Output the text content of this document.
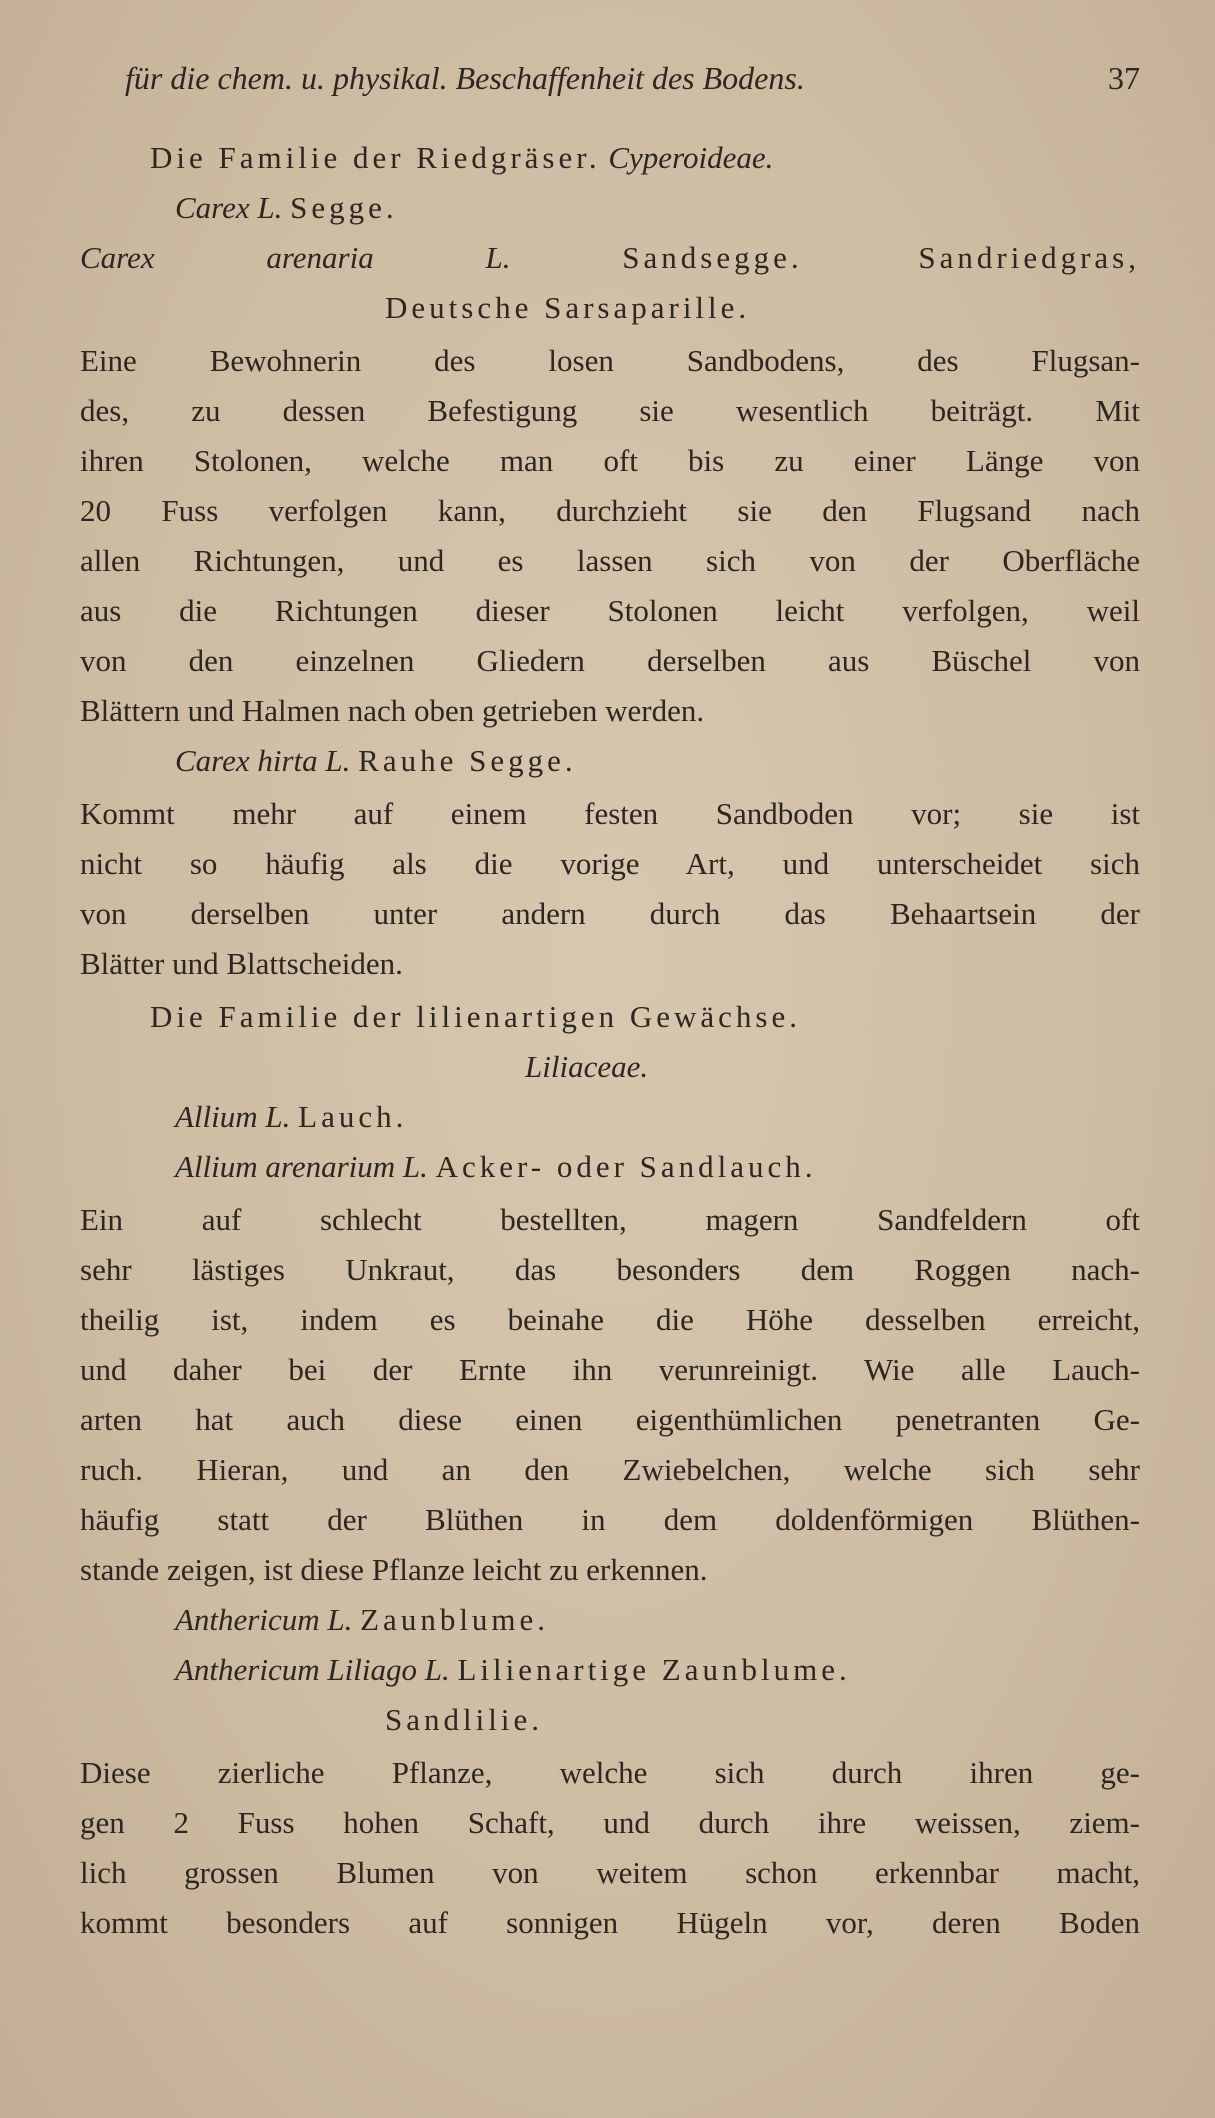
für die chem. u. physikal. Beschaffenheit des Bodens.	37
Die Familie der Riedgräser. Cyperoideae.
Carex L. Segge.
Carex arenaria L.	Sandsegge. Sandriedgras,
Deutsche Sarsaparille.
Eine Bewohnerin des losen Sandbodens, des Flugsan-
des, zu dessen Befestigung sie wesentlich beiträgt. Mit
ihren Stolonen, welche man oft bis zu einer Länge von
20 Fuss verfolgen kann, durchzieht sie den Flugsand nach
allen Richtungen, und es lassen sich von der Oberfläche
aus die Richtungen dieser Stolonen leicht verfolgen, weil
von den einzelnen Gliedern derselben aus Büschel von
Blättern und Halmen nach oben getrieben werden.
Carex hirta L. Rauhe Segge.
Kommt mehr auf einem festen Sandboden vor; sie ist
nicht so häufig als die vorige Art, und unterscheidet sich
von derselben unter andern durch das Behaartsein der
Blätter und Blattscheiden.
Die Familie der lilienartigen Gewächse.
Liliaceae.
Allium L. Lauch.
Allium arenarium L. Acker- oder Sandlauch.
Ein auf schlecht bestellten, magern Sandfeldern oft
sehr lästiges Unkraut, das besonders dem Roggen nach-
theilig ist, indem es beinahe die Höhe desselben erreicht,
und daher bei der Ernte ihn verunreinigt. Wie alle Lauch-
arten hat auch diese einen eigenthümlichen penetranten Ge-
ruch. Hieran, und an den Zwiebelchen, welche sich sehr
häufig statt der Blüthen in dem doldenförmigen Blüthen-
stande zeigen, ist diese Pflanze leicht zu erkennen.
Anthericum L. Zaunblume.
Anthericum Liliago L. Lilienartige Zaunblume.
Sandlilie.
Diese zierliche Pflanze, welche sich durch ihren ge-
gen 2 Fuss hohen Schaft, und durch ihre weissen, ziem-
lich grossen Blumen von weitem schon erkennbar macht,
kommt besonders auf sonnigen Hügeln vor, deren Boden
